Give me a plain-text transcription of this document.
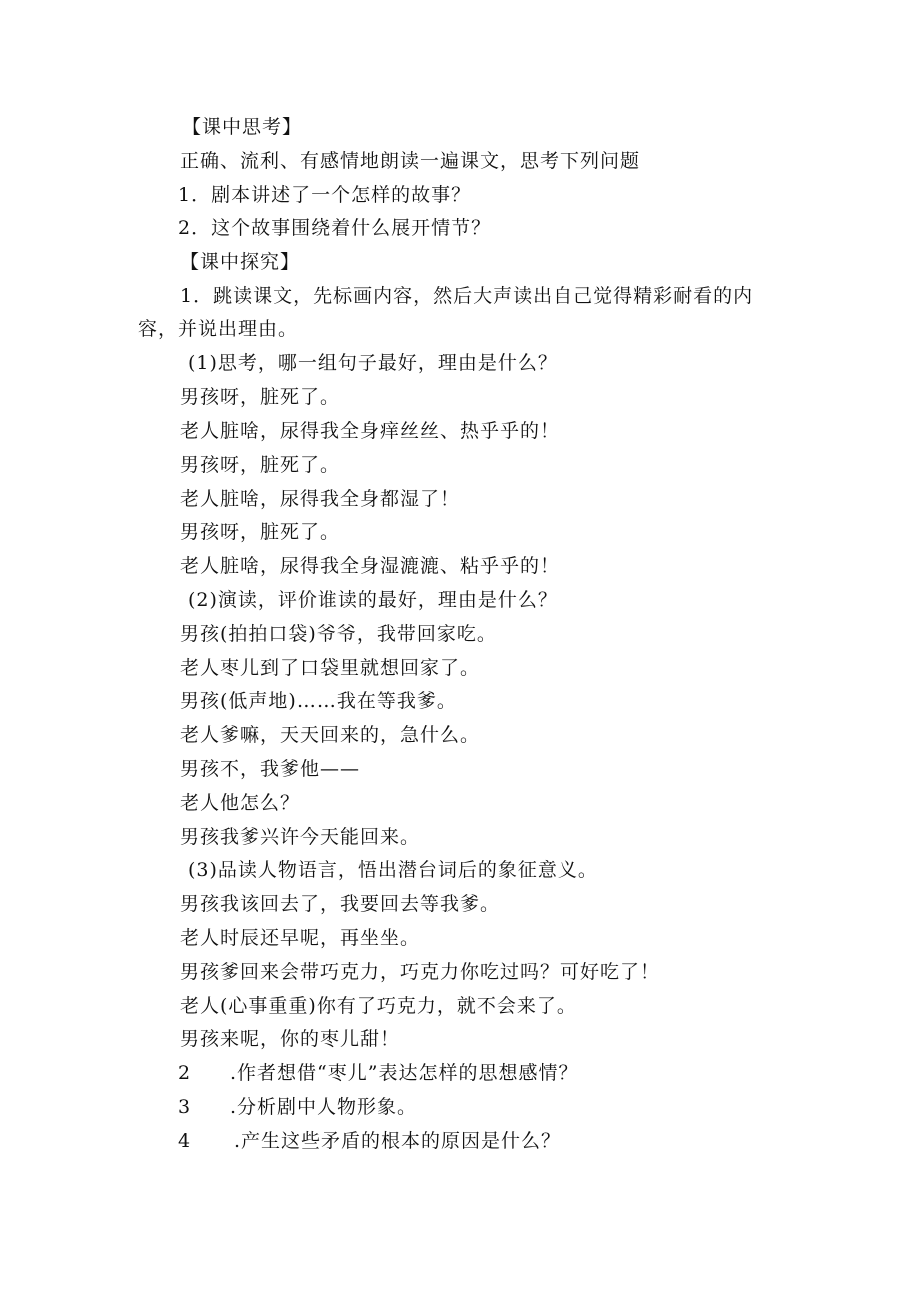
【课中思考】
正确、流利、有感情地朗读一遍课文，思考下列问题
1．剧本讲述了一个怎样的故事？
2．这个故事围绕着什么展开情节？
【课中探究】
1．跳读课文，先标画内容，然后大声读出自己觉得精彩耐看的内
容，并说出理由。
(1)思考，哪一组句子最好，理由是什么？
男孩呀，脏死了。
老人脏啥，尿得我全身痒丝丝、热乎乎的！
男孩呀，脏死了。
老人脏啥，尿得我全身都湿了！
男孩呀，脏死了。
老人脏啥，尿得我全身湿漉漉、粘乎乎的！
(2)演读，评价谁读的最好，理由是什么？
男孩(拍拍口袋)爷爷，我带回家吃。
老人枣儿到了口袋里就想回家了。
男孩(低声地)……我在等我爹。
老人爹嘛，天天回来的，急什么。
男孩不，我爹他——
老人他怎么？
男孩我爹兴许今天能回来。
(3)品读人物语言，悟出潜台词后的象征意义。
男孩我该回去了，我要回去等我爹。
老人时辰还早呢，再坐坐。
男孩爹回来会带巧克力，巧克力你吃过吗？可好吃了！
老人(心事重重)你有了巧克力，就不会来了。
男孩来呢，你的枣儿甜！
2 .作者想借“枣儿”表达怎样的思想感情？
3 .分析剧中人物形象。
4 .产生这些矛盾的根本的原因是什么？
